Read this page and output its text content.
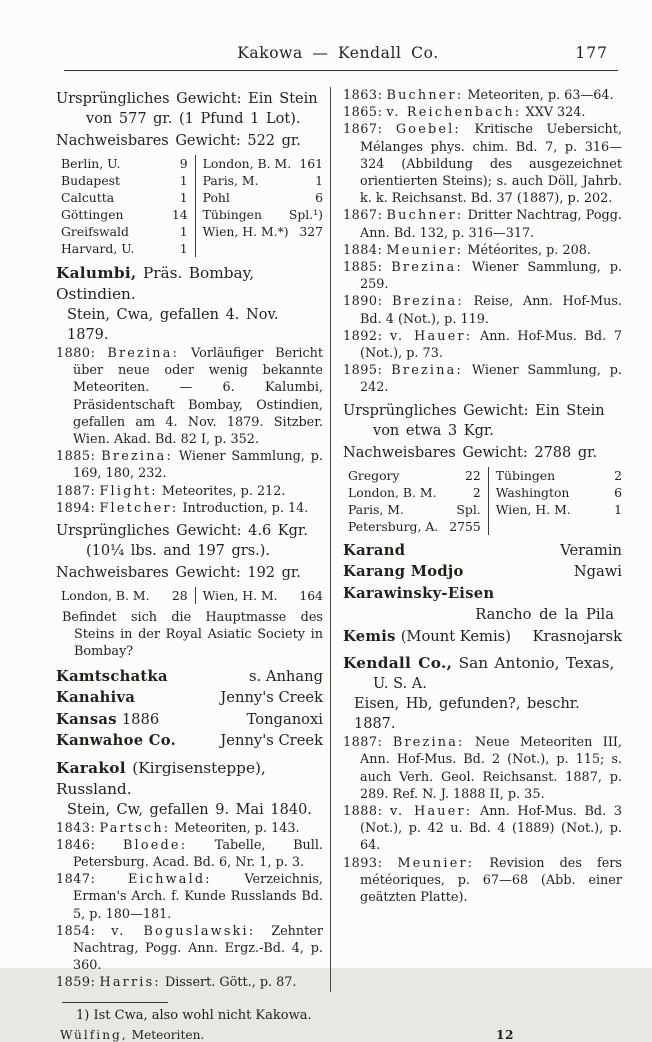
Kakowa — Kendall Co.	177

Ursprüngliches Gewicht: Ein Stein von 577 gr. (1 Pfund 1 Lot).

Nachweisbares Gewicht: 522 gr.

Berlin, U.	9 London, B. M. 161
Budapest	1 Paris, M.	1
Calcutta	1 Pohl	6
Göttingen	14 Tübingen Spl.¹)
Greifswald	1 Wien, H. M.*) 327
Harvard, U.	1

Kalumbi, Präs. Bombay, Ostindien.

Stein, Cwa, gefallen 4. Nov. 1879.

1880: Brezina: Vorläufiger Bericht über neue oder wenig bekannte Meteoriten. — 6. Kalumbi, Präsidentschaft Bombay, Ostindien, gefallen am 4. Nov. 1879. Sitzber. Wien. Akad. Bd. 82 I, p. 352.

1885: Brezina: Wiener Sammlung, p. 169, 180, 232.

1887: Flight: Meteorites, p. 212.

1894: Fletcher: Introduction, p. 14.

Ursprüngliches Gewicht: 4.6 Kgr. (10¼ lbs. and 197 grs.).

Nachweisbares Gewicht: 192 gr.

London, B. M. 28 Wien, H. M. 164

Befindet sich die Hauptmasse des Steins in der Royal Asiatic Society in Bombay?

Kamtschatka	s. Anhang

Kanahiva	Jenny's Creek

Kansas 1886	Tonganoxi

Kanwahoe Co.	Jenny's Creek

Karakol (Kirgisensteppe), Russland.

Stein, Cw, gefallen 9. Mai 1840.

1843: Partsch: Meteoriten, p. 143.

1846: Bloede: Tabelle, Bull. Petersburg. Acad. Bd. 6, Nr. 1, p. 3.

1847:	Eichwald:	Verzeichnis, Erman's Arch. f. Kunde Russlands Bd. 5, p. 180—181.

1854: v. Boguslawski: Zehnter Nachtrag, Pogg. Ann. Ergz.-Bd. 4, p. 360.

1859: Harris: Dissert. Gött., p. 87.

1863: Buchner: Meteoriten, p. 63—64.

1865: v. Reichenbach: XXV 324.

1867: Goebel: Kritische Uebersicht, Mélanges phys. chim. Bd. 7, p. 316—324 (Abbildung des ausgezeichnet orientierten Steins); s. auch Döll, Jahrb. k. k. Reichsanst. Bd. 37 (1887), p. 202.

1867: Buchner: Dritter Nachtrag, Pogg. Ann. Bd. 132, p. 316—317.

1884: Meunier: Météorites, p. 208.

1885: Brezina: Wiener Sammlung, p. 259.

1890: Brezina: Reise, Ann. Hof-Mus. Bd. 4 (Not.), p. 119.

1892: v. Hauer: Ann. Hof-Mus. Bd. 7 (Not.), p. 73.

1895: Brezina: Wiener Sammlung, p. 242.

Ursprüngliches Gewicht: Ein Stein von etwa 3 Kgr.

Nachweisbares Gewicht: 2788 gr.

Gregory	22 Tübingen	2
London, B. M.	2 Washington	6
Paris, M.	Spl. Wien, H. M.	1
Petersburg, A. 2755

Karand	Veramin

Karang Modjo	Ngawi

Karawinsky-Eisen

Rancho de la Pila

Kemis (Mount Kemis) Krasnojarsk

Kendall Co., San Antonio, Texas,

U. S. A.

Eisen, Hb, gefunden?, beschr. 1887.

1887: Brezina: Neue Meteoriten III, Ann. Hof-Mus. Bd. 2 (Not.), p. 115; s. auch Verh. Geol. Reichsanst. 1887, p. 289. Ref. N. J. 1888 II, p. 35.

1888: v. Hauer: Ann. Hof-Mus. Bd. 3 (Not.), p. 42 u. Bd. 4 (1889) (Not.), p. 64.

1893: Meunier: Revision des fers météoriques, p. 67—68 (Abb. einer geätzten Platte).

1) Ist Cwa, also wohl nicht Kakowa.

Wülfing, Meteoriten.	12
